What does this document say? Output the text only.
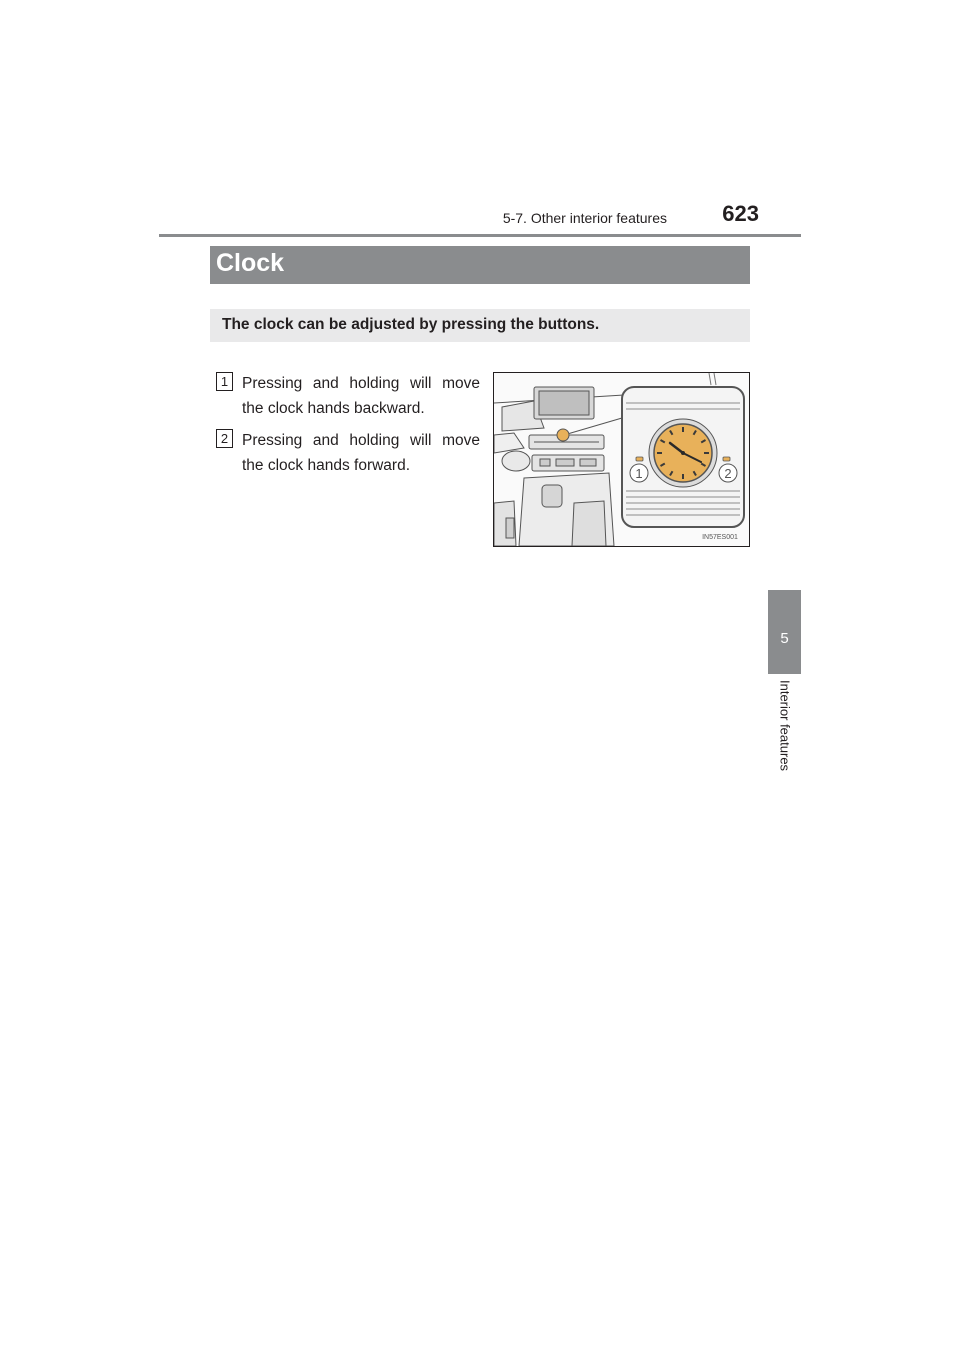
5-7. Other interior features	623
5
Interior features
Clock
The clock can be adjusted by pressing the buttons.
1 Pressing and holding will move the clock hands backward.
2 Pressing and holding will move the clock hands forward.	1	2
IN57ES001
